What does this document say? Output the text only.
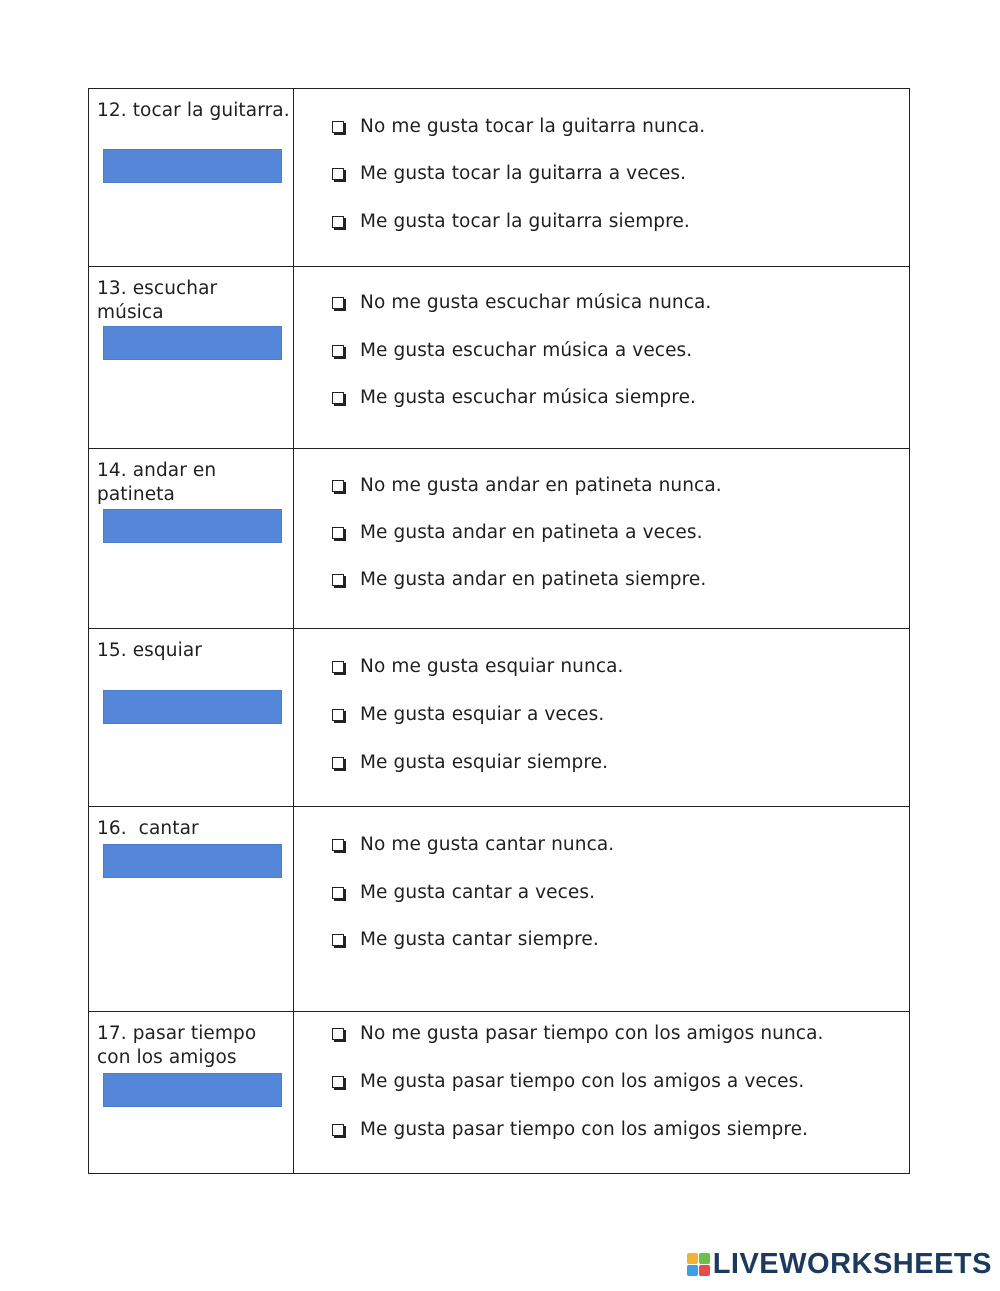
12. tocar la guitarra.
No me gusta tocar la guitarra nunca.
Me gusta tocar la guitarra a veces.
Me gusta tocar la guitarra siempre.
13. escuchar música	No me gusta escuchar música nunca.
Me gusta escuchar música a veces.
Me gusta escuchar música siempre.
14. andar en patineta	No me gusta andar en patineta nunca.
Me gusta andar en patineta a veces.
Me gusta andar en patineta siempre.
15. esquiar
No me gusta esquiar nunca.
Me gusta esquiar a veces.
Me gusta esquiar siempre.
16.  cantar
No me gusta cantar nunca.
Me gusta cantar a veces.
Me gusta cantar siempre.
17. pasar tiempo con los amigos
No me gusta pasar tiempo con los amigos nunca.
Me gusta pasar tiempo con los amigos a veces.
Me gusta pasar tiempo con los amigos siempre.
LIVEWORKSHEETS
